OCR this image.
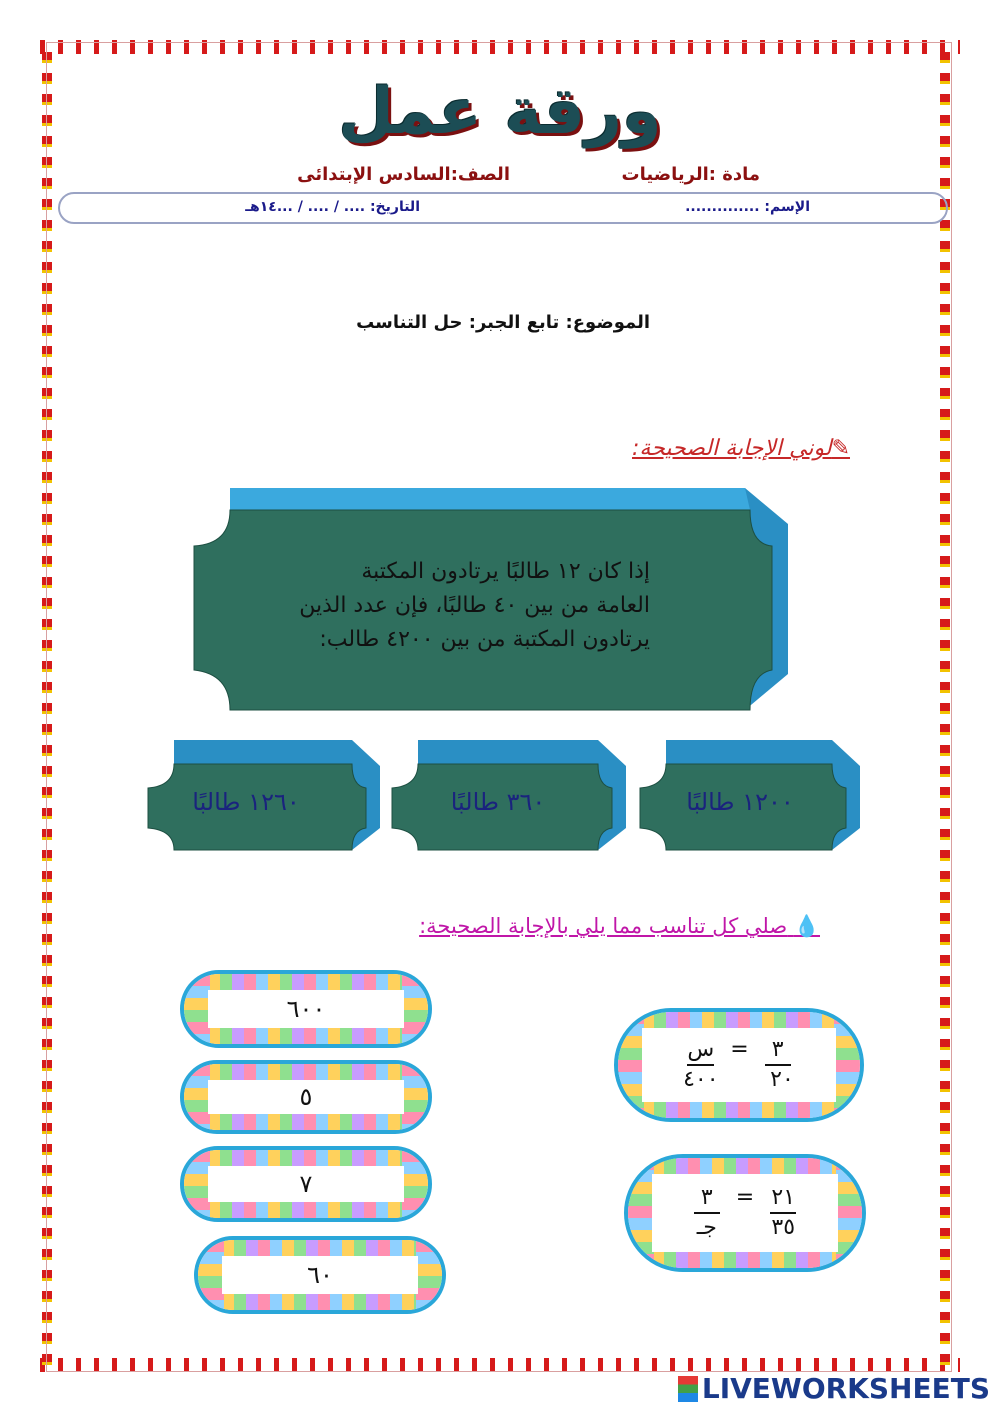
ورقة عمل
مادة :الرياضيات
الصف:السادس الإبتدائى
الإسم: ..............
التاريخ: .... / .... / ...١٤هـ
الموضوع: تابع الجبر: حل التناسب
✎لوني الإجابة الصحيحة:
إذا كان ١٢ طالبًا يرتادون المكتبة
العامة من بين ٤٠ طالبًا، فإن عدد الذين
يرتادون المكتبة من بين ٤٢٠٠ طالب:
١٢٠٠ طالبًا
٣٦٠ طالبًا
١٢٦٠ طالبًا
💧 صلي كل تناسب مما يلي بالإجابة الصحيحة:
٣
=
س
٢٠
٤٠٠
٢١
=
٣
٣٥
جـ
٦٠٠
٥
٧
٦٠
LIVEWORKSHEETS
